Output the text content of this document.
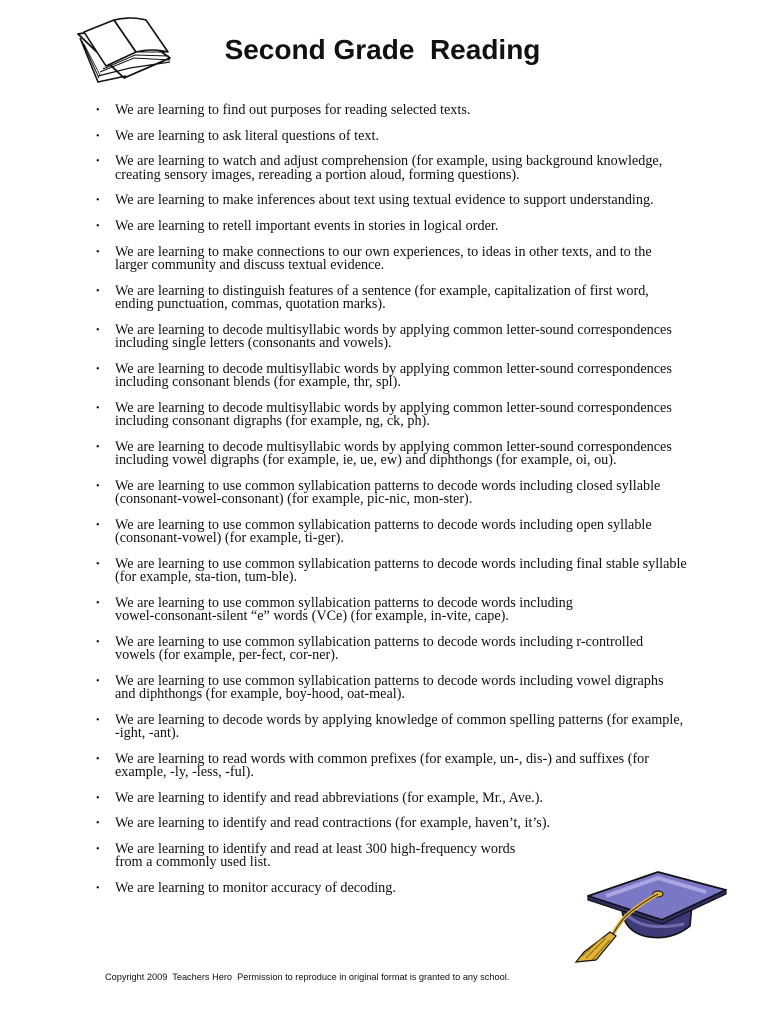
Second Grade  Reading
• We are learning to find out purposes for reading selected texts.
• We are learning to ask literal questions of text.
• We are learning to watch and adjust comprehension (for example, using background knowledge,
creating sensory images, rereading a portion aloud, forming questions).
• We are learning to make inferences about text using textual evidence to support understanding.
• We are learning to retell important events in stories in logical order.
• We are learning to make connections to our own experiences, to ideas in other texts, and to the
larger community and discuss textual evidence.
• We are learning to distinguish features of a sentence (for example, capitalization of first word,
ending punctuation, commas, quotation marks).
• We are learning to decode multisyllabic words by applying common letter-sound correspondences
including single letters (consonants and vowels).
• We are learning to decode multisyllabic words by applying common letter-sound correspondences
including consonant blends (for example, thr, spl).
• We are learning to decode multisyllabic words by applying common letter-sound correspondences
including consonant digraphs (for example, ng, ck, ph).
• We are learning to decode multisyllabic words by applying common letter-sound correspondences
including vowel digraphs (for example, ie, ue, ew) and diphthongs (for example, oi, ou).
• We are learning to use common syllabication patterns to decode words including closed syllable
(consonant-vowel-consonant) (for example, pic-nic, mon-ster).
• We are learning to use common syllabication patterns to decode words including open syllable
(consonant-vowel) (for example, ti-ger).
• We are learning to use common syllabication patterns to decode words including final stable syllable
(for example, sta-tion, tum-ble).
• We are learning to use common syllabication patterns to decode words including
vowel-consonant-silent “e” words (VCe) (for example, in-vite, cape).
• We are learning to use common syllabication patterns to decode words including r-controlled
vowels (for example, per-fect, cor-ner).
• We are learning to use common syllabication patterns to decode words including vowel digraphs
and diphthongs (for example, boy-hood, oat-meal).
• We are learning to decode words by applying knowledge of common spelling patterns (for example,
-ight, -ant).
• We are learning to read words with common prefixes (for example, un-, dis-) and suffixes (for
example, -ly, -less, -ful).
• We are learning to identify and read abbreviations (for example, Mr., Ave.).
• We are learning to identify and read contractions (for example, haven’t, it’s).
• We are learning to identify and read at least 300 high-frequency words
from a commonly used list.
• We are learning to monitor accuracy of decoding.
Copyright 2009  Teachers Hero  Permission to reproduce in original format is granted to any school.
